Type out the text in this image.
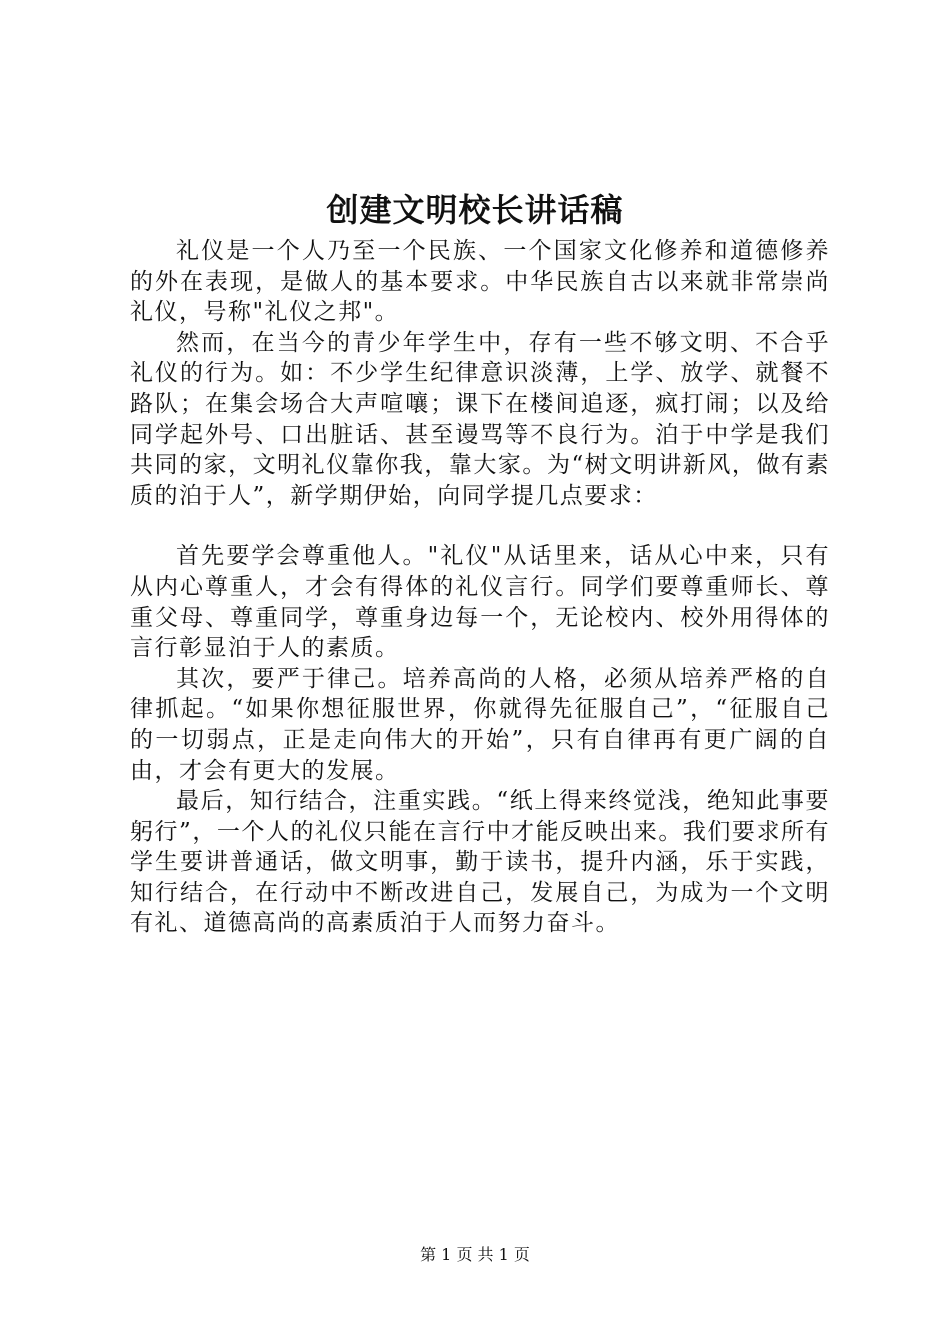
创建文明校长讲话稿

礼仪是一个人乃至一个民族、一个国家文化修养和道德修养的外在表现，是做人的基本要求。中华民族自古以来就非常崇尚礼仪，号称"礼仪之邦"。

然而，在当今的青少年学生中，存有一些不够文明、不合乎礼仪的行为。如：不少学生纪律意识淡薄，上学、放学、就餐不路队；在集会场合大声喧嚷；课下在楼间追逐，疯打闹；以及给同学起外号、口出脏话、甚至谩骂等不良行为。泊于中学是我们共同的家，文明礼仪靠你我，靠大家。为“树文明讲新风，做有素质的泊于人”，新学期伊始，向同学提几点要求：

首先要学会尊重他人。"礼仪"从话里来，话从心中来，只有从内心尊重人，才会有得体的礼仪言行。同学们要尊重师长、尊重父母、尊重同学，尊重身边每一个，无论校内、校外用得体的言行彰显泊于人的素质。

其次，要严于律己。培养高尚的人格，必须从培养严格的自律抓起。“如果你想征服世界，你就得先征服自己”，“征服自己的一切弱点，正是走向伟大的开始”，只有自律再有更广阔的自由，才会有更大的发展。

最后，知行结合，注重实践。“纸上得来终觉浅，绝知此事要躬行”，一个人的礼仪只能在言行中才能反映出来。我们要求所有学生要讲普通话，做文明事，勤于读书，提升内涵，乐于实践，知行结合，在行动中不断改进自己，发展自己，为成为一个文明有礼、道德高尚的高素质泊于人而努力奋斗。

第 1 页 共 1 页
